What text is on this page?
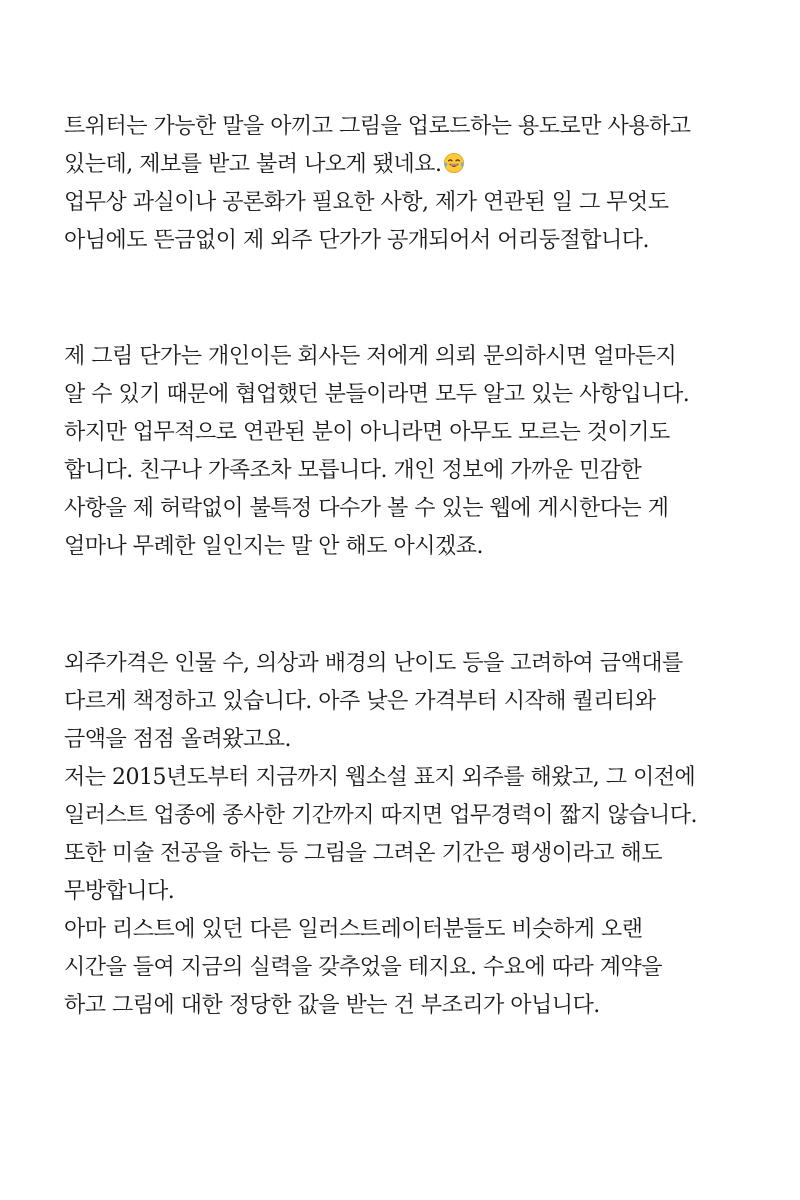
트위터는 가능한 말을 아끼고 그림을 업로드하는 용도로만 사용하고
있는데, 제보를 받고 불려 나오게 됐네요.
업무상 과실이나 공론화가 필요한 사항, 제가 연관된 일 그 무엇도
아님에도 뜬금없이 제 외주 단가가 공개되어서 어리둥절합니다.
제 그림 단가는 개인이든 회사든 저에게 의뢰 문의하시면 얼마든지
알 수 있기 때문에 협업했던 분들이라면 모두 알고 있는 사항입니다.
하지만 업무적으로 연관된 분이 아니라면 아무도 모르는 것이기도
합니다. 친구나 가족조차 모릅니다. 개인 정보에 가까운 민감한
사항을 제 허락없이 불특정 다수가 볼 수 있는 웹에 게시한다는 게
얼마나 무례한 일인지는 말 안 해도 아시겠죠.
외주가격은 인물 수, 의상과 배경의 난이도 등을 고려하여 금액대를
다르게 책정하고 있습니다. 아주 낮은 가격부터 시작해 퀄리티와
금액을 점점 올려왔고요.
저는 2015년도부터 지금까지 웹소설 표지 외주를 해왔고, 그 이전에
일러스트 업종에 종사한 기간까지 따지면 업무경력이 짧지 않습니다.
또한 미술 전공을 하는 등 그림을 그려온 기간은 평생이라고 해도
무방합니다.
아마 리스트에 있던 다른 일러스트레이터분들도 비슷하게 오랜
시간을 들여 지금의 실력을 갖추었을 테지요. 수요에 따라 계약을
하고 그림에 대한 정당한 값을 받는 건 부조리가 아닙니다.
